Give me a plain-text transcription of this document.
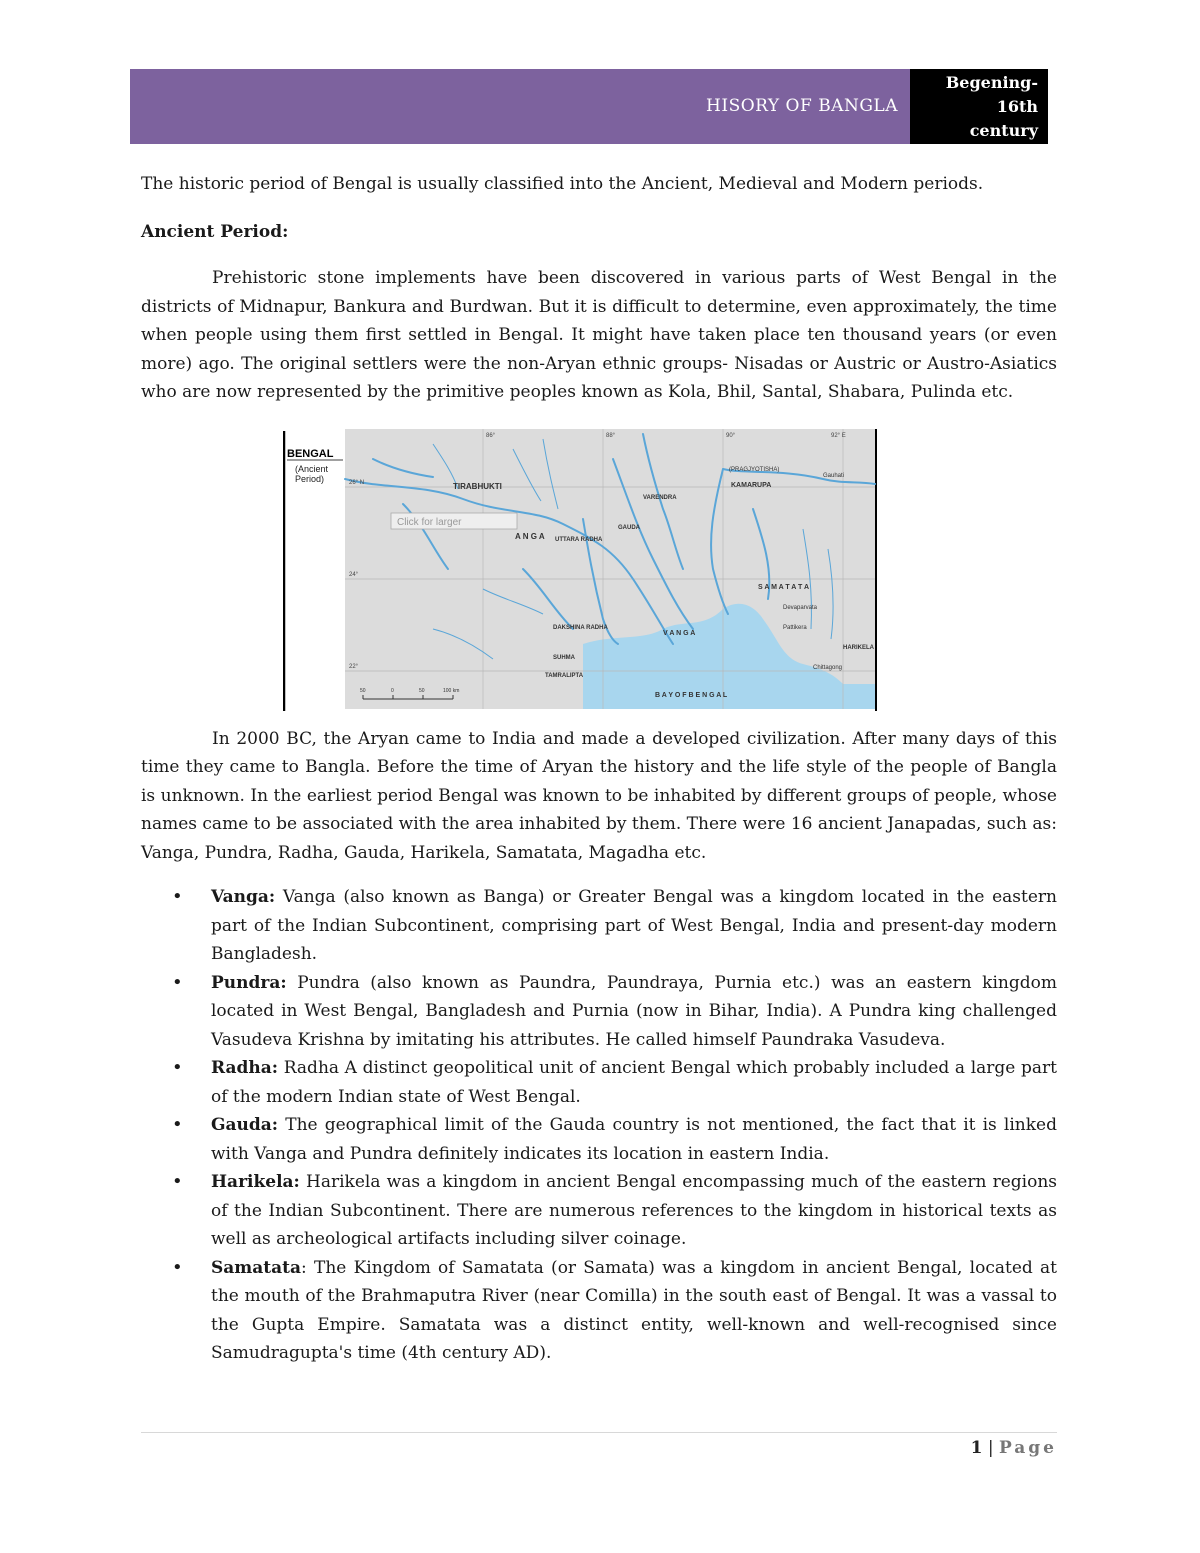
HISORY OF BANGLA
Begening-
16th
century

The historic period of Bengal is usually classified into the Ancient, Medieval and Modern periods.

Ancient Period:

Prehistoric stone implements have been discovered in various parts of West Bengal in the districts of Midnapur, Bankura and Burdwan. But it is difficult to determine, even approximately, the time when people using them first settled in Bengal. It might have taken place ten thousand years (or even more) ago. The original settlers were the non-Aryan ethnic groups- Nisadas or Austric or Austro-Asiatics who are now represented by the primitive peoples known as Kola, Bhil, Santal, Shabara, Pulinda etc.

BENGAL
(Ancient
Period)
TIRABHUKTI
A N G A
KAMARUPA
(PRAGJYOTISHA)
B A Y O F B E N G A L
V A N G A
S A M A T A T A
HARIKELA
UTTARA RADHA
DAKSHINA RADHA
SUHMA
TAMRALIPTA
GAUDA
VARENDRA
Devaparvata
Pattikera
Chittagong
Gauhati
26° N
24°
22°
86°	88°	90°	92° E
50	0	50	100 km
Click for larger

In 2000 BC, the Aryan came to India and made a developed civilization. After many days of this time they came to Bangla. Before the time of Aryan the history and the life style of the people of Bangla is unknown. In the earliest period Bengal was known to be inhabited by different groups of people, whose names came to be associated with the area inhabited by them. There were 16 ancient Janapadas, such as: Vanga, Pundra, Radha, Gauda, Harikela, Samatata, Magadha etc.

• Vanga: Vanga (also known as Banga) or Greater Bengal was a kingdom located in the eastern part of the Indian Subcontinent, comprising part of West Bengal, India and present-day modern Bangladesh.
• Pundra: Pundra (also known as Paundra, Paundraya, Purnia etc.) was an eastern kingdom located in West Bengal, Bangladesh and Purnia (now in Bihar, India). A Pundra king challenged Vasudeva Krishna by imitating his attributes. He called himself Paundraka Vasudeva.
• Radha: Radha A distinct geopolitical unit of ancient Bengal which probably included a large part of the modern Indian state of West Bengal.
• Gauda: The geographical limit of the Gauda country is not mentioned, the fact that it is linked with Vanga and Pundra definitely indicates its location in eastern India.
• Harikela: Harikela was a kingdom in ancient Bengal encompassing much of the eastern regions of the Indian Subcontinent. There are numerous references to the kingdom in historical texts as well as archeological artifacts including silver coinage.
• Samatata: The Kingdom of Samatata (or Samata) was a kingdom in ancient Bengal, located at the mouth of the Brahmaputra River (near Comilla) in the south east of Bengal. It was a vassal to the Gupta Empire. Samatata was a distinct entity, well-known and well-recognised since Samudragupta's time (4th century AD).
1 | Page
